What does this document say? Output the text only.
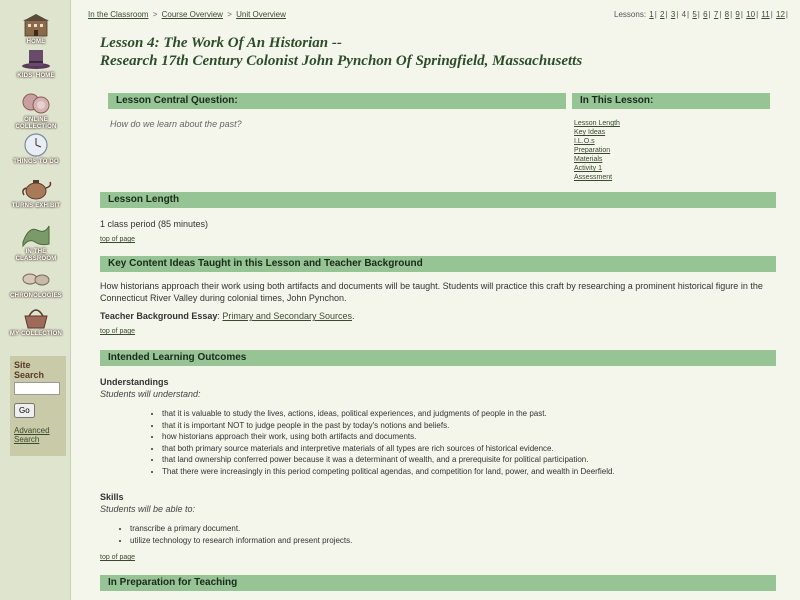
HOME
KIDS' HOME
ONLINE COLLECTION
THINGS TO DO
TURNS EXHIBIT
IN THE CLASSROOM
CHRONOLOGIES
MY COLLECTION
Site Search
Go
Advanced Search
In the Classroom > Course Overview > Unit Overview	Lessons: 1| 2| 3| 4| 5| 6| 7| 8| 9| 10| 11| 12|
Lesson 4: The Work Of An Historian --
Research 17th Century Colonist John Pynchon Of Springfield, Massachusetts
Lesson Central Question:

How do we learn about the past?

In This Lesson:
Lesson Length
Key Ideas
I.L.O.s
Preparation
Materials
Activity 1
Assessment
Lesson Length

1 class period (85 minutes)

top of page
Key Content Ideas Taught in this Lesson and Teacher Background

How historians approach their work using both artifacts and documents will be taught. Students will practice this craft by researching a prominent historical figure in the Connecticut River Valley during colonial times, John Pynchon.

Teacher Background Essay: Primary and Secondary Sources.

top of page
Intended Learning Outcomes

Understandings

Students will understand:

• that it is valuable to study the lives, actions, ideas, political experiences, and judgments of people in the past.
• that it is important NOT to judge people in the past by today's notions and beliefs.
• how historians approach their work, using both artifacts and documents.
• that both primary source materials and interpretive materials of all types are rich sources of historical evidence.
• that land ownership conferred power because it was a determinant of wealth, and a prerequisite for political participation.
• That there were increasingly in this period competing political agendas, and competition for land, power, and wealth in Deerfield.

Skills

Students will be able to:

• transcribe a primary document.
• utilize technology to research information and present projects.
top of page
In Preparation for Teaching
